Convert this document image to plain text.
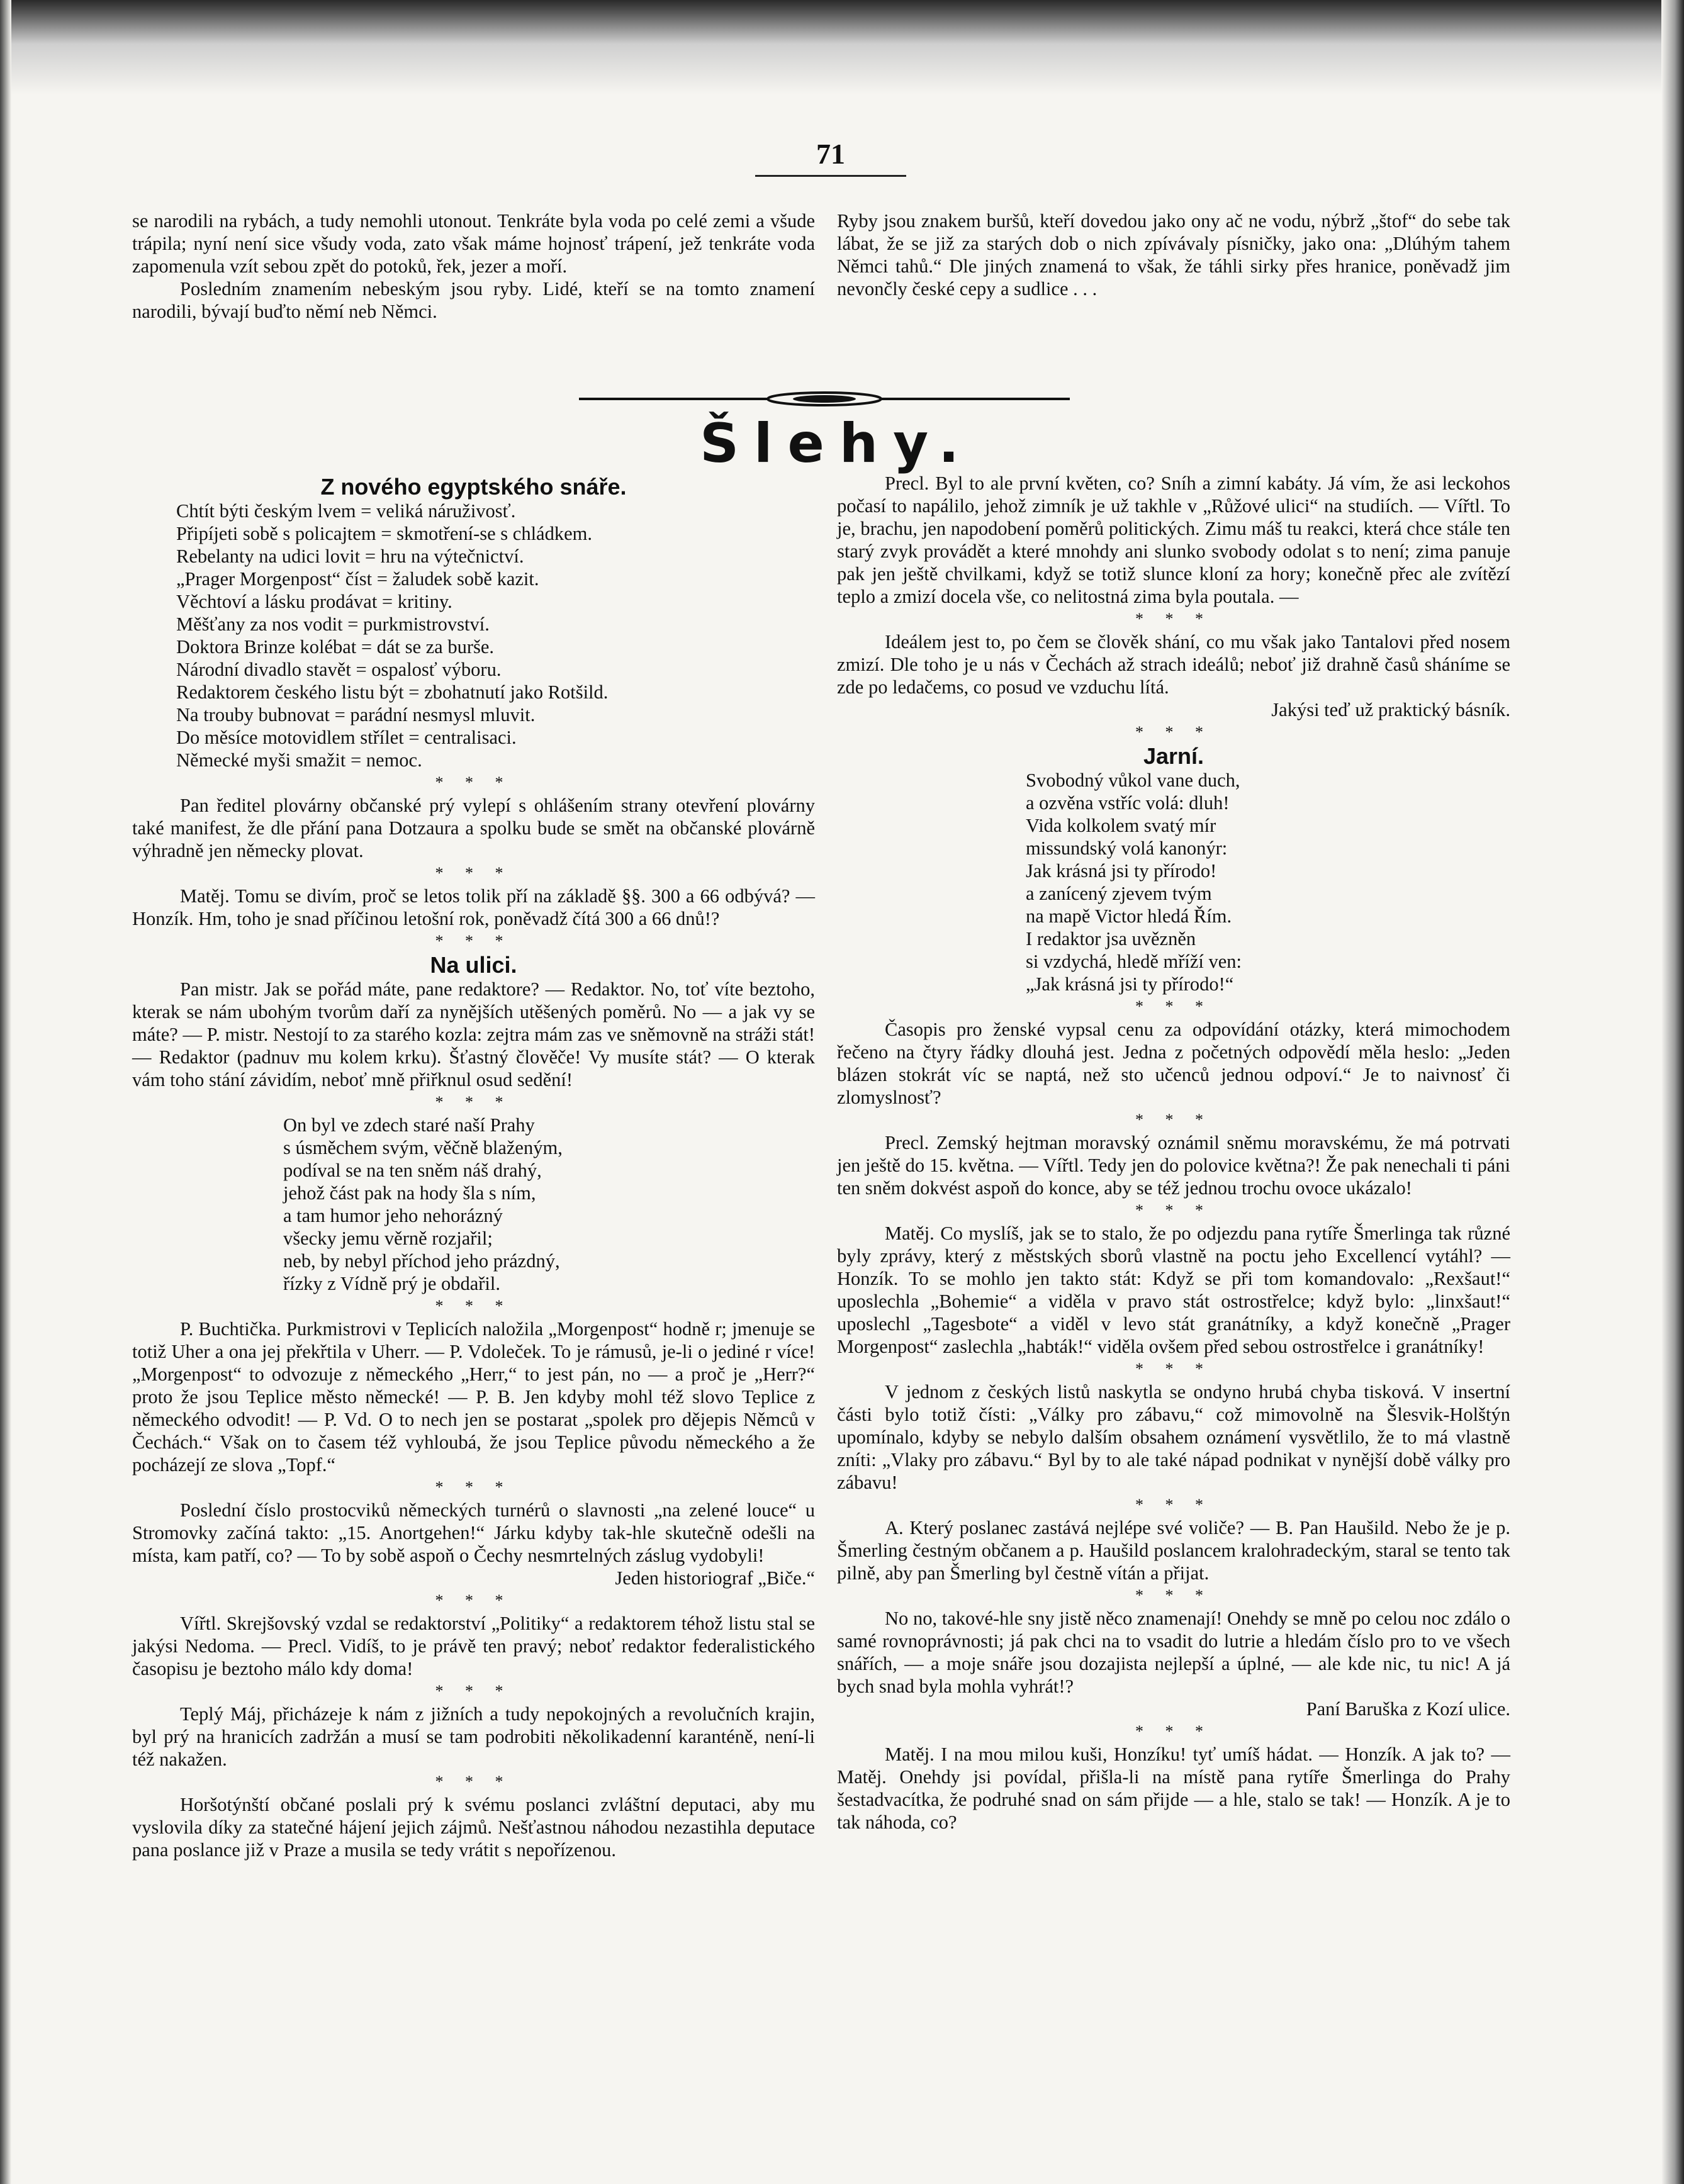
71

se narodili na rybách, a tudy nemohli utonout. Tenkráte byla voda po celé zemi a všude trápila; nyní není sice všudy voda, zato však máme hojnosť trápení, jež tenkráte voda zapomenula vzít sebou zpět do potoků, řek, jezer a moří.

Posledním znamením nebeským jsou ryby. Lidé, kteří se na tomto znamení narodili, bývají buďto němí neb Němci.

Ryby jsou znakem buršů, kteří dovedou jako ony ač ne vodu, nýbrž „štof“ do sebe tak lábat, že se již za starých dob o nich zpívávaly písničky, jako ona: „Dlúhým tahem Němci tahů.“ Dle jiných znamená to však, že táhli sirky přes hranice, poněvadž jim nevončly české cepy a sudlice . . .

Šlehy.
Z nového egyptského snáře.

Chtít býti českým lvem = veliká náruživosť.

Připíjeti sobě s policajtem = skmotření-se s chládkem.

Rebelanty na udici lovit = hru na výtečnictví.

„Prager Morgenpost“ číst = žaludek sobě kazit.

Věchtoví a lásku prodávat = kritiny.

Měšťany za nos vodit = purkmistrovství.

Doktora Brinze kolébat = dát se za burše.

Národní divadlo stavět = ospalosť výboru.

Redaktorem českého listu být = zbohatnutí jako Rotšild.

Na trouby bubnovat = parádní nesmysl mluvit.

Do měsíce motovidlem střílet = centralisaci.

Německé myši smažit = nemoc.

* * *

Pan ředitel plovárny občanské prý vylepí s ohlášením strany otevření plovárny také manifest, že dle přání pana Dotzaura a spolku bude se smět na občanské plovárně výhradně jen německy plovat.

* * *

Matěj. Tomu se divím, proč se letos tolik pří na základě §§. 300 a 66 odbývá? — Honzík. Hm, toho je snad příčinou letošní rok, poněvadž čítá 300 a 66 dnů!?

* * *
Na ulici.

Pan mistr. Jak se pořád máte, pane redaktore? — Redaktor. No, toť víte beztoho, kterak se nám ubohým tvorům daří za nynějších utěšených poměrů. No — a jak vy se máte? — P. mistr. Nestojí to za starého kozla: zejtra mám zas ve sněmovně na stráži stát! — Redaktor (padnuv mu kolem krku). Šťastný člověče! Vy musíte stát? — O kterak vám toho stání závidím, neboť mně přiřknul osud sedění!

* * *

On byl ve zdech staré naší Prahy

s úsměchem svým, věčně blaženým,

podíval se na ten sněm náš drahý,

jehož část pak na hody šla s ním,

a tam humor jeho nehorázný

všecky jemu věrně rozjařil;

neb, by nebyl příchod jeho prázdný,

řízky z Vídně prý je obdařil.

* * *

P. Buchtička. Purkmistrovi v Teplicích naložila „Morgenpost“ hodně r; jmenuje se totiž Uher a ona jej překřtila v Uherr. — P. Vdoleček. To je rámusů, je-li o jediné r více! „Morgenpost“ to odvozuje z německého „Herr,“ to jest pán, no — a proč je „Herr?“ proto že jsou Teplice město německé! — P. B. Jen kdyby mohl též slovo Teplice z německého odvodit! — P. Vd. O to nech jen se postarat „spolek pro dějepis Němců v Čechách.“ Však on to časem též vyhloubá, že jsou Teplice původu německého a že pocházejí ze slova „Topf.“

* * *

Poslední číslo prostocviků německých turnérů o slavnosti „na zelené louce“ u Stromovky začíná takto: „15. Anortgehen!“ Járku kdyby tak-hle skutečně odešli na místa, kam patří, co? — To by sobě aspoň o Čechy nesmrtelných záslug vydobyli!

Jeden historiograf „Biče.“

* * *

Vířtl. Skrejšovský vzdal se redaktorství „Politiky“ a redaktorem téhož listu stal se jakýsi Nedoma. — Precl. Vidíš, to je právě ten pravý; neboť redaktor federalistického časopisu je beztoho málo kdy doma!

* * *

Teplý Máj, přicházeje k nám z jižních a tudy nepokojných a revolučních krajin, byl prý na hranicích zadržán a musí se tam podrobiti několikadenní karanténě, není-li též nakažen.

* * *

Horšotýnští občané poslali prý k svému poslanci zvláštní deputaci, aby mu vyslovila díky za statečné hájení jejich zájmů. Nešťastnou náhodou nezastihla deputace pana poslance již v Praze a musila se tedy vrátit s nepořízenou.

Precl. Byl to ale první květen, co? Sníh a zimní kabáty. Já vím, že asi leckohos počasí to napálilo, jehož zimník je už takhle v „Růžové ulici“ na studiích. — Vířtl. To je, brachu, jen napodobení poměrů politických. Zimu máš tu reakci, která chce stále ten starý zvyk provádět a které mnohdy ani slunko svobody odolat s to není; zima panuje pak jen ještě chvilkami, když se totiž slunce kloní za hory; konečně přec ale zvítězí teplo a zmizí docela vše, co nelitostná zima byla poutala. —

* * *

Ideálem jest to, po čem se člověk shání, co mu však jako Tantalovi před nosem zmizí. Dle toho je u nás v Čechách až strach ideálů; neboť již drahně časů sháníme se zde po ledačems, co posud ve vzduchu lítá.

Jakýsi teď už praktický básník.

* * *
Jarní.

Svobodný vůkol vane duch,

a ozvěna vstříc volá: dluh!

Vida kolkolem svatý mír

missundský volá kanonýr:

Jak krásná jsi ty přírodo!

a zanícený zjevem tvým

na mapě Victor hledá Řím.

I redaktor jsa uvězněn

si vzdychá, hledě mříží ven:

„Jak krásná jsi ty přírodo!“

* * *

Časopis pro ženské vypsal cenu za odpovídání otázky, která mimochodem řečeno na čtyry řádky dlouhá jest. Jedna z početných odpovědí měla heslo: „Jeden blázen stokrát víc se naptá, než sto učenců jednou odpoví.“ Je to naivnosť či zlomyslnosť?

* * *

Precl. Zemský hejtman moravský oznámil sněmu moravskému, že má potrvati jen ještě do 15. května. — Vířtl. Tedy jen do polovice května?! Že pak nenechali ti páni ten sněm dokvést aspoň do konce, aby se též jednou trochu ovoce ukázalo!

* * *

Matěj. Co myslíš, jak se to stalo, že po odjezdu pana rytíře Šmerlinga tak různé byly zprávy, který z městských sborů vlastně na poctu jeho Excellencí vytáhl? — Honzík. To se mohlo jen takto stát: Když se při tom komandovalo: „Rexšaut!“ uposlechla „Bohemie“ a viděla v pravo stát ostrostřelce; když bylo: „linxšaut!“ uposlechl „Tagesbote“ a viděl v levo stát granátníky, a když konečně „Prager Morgenpost“ zaslechla „habták!“ viděla ovšem před sebou ostrostřelce i granátníky!

* * *

V jednom z českých listů naskytla se ondyno hrubá chyba tisková. V insertní části bylo totiž čísti: „Války pro zábavu,“ což mimovolně na Šlesvik-Holštýn upomínalo, kdyby se nebylo dalším obsahem oznámení vysvětlilo, že to má vlastně zníti: „Vlaky pro zábavu.“ Byl by to ale také nápad podnikat v nynější době války pro zábavu!

* * *

A. Který poslanec zastává nejlépe své voliče? — B. Pan Haušild. Nebo že je p. Šmerling čestným občanem a p. Haušild poslancem kralohradeckým, staral se tento tak pilně, aby pan Šmerling byl čestně vítán a přijat.

* * *

No no, takové-hle sny jistě něco znamenají! Onehdy se mně po celou noc zdálo o samé rovnoprávnosti; já pak chci na to vsadit do lutrie a hledám číslo pro to ve všech snářích, — a moje snáře jsou dozajista nejlepší a úplné, — ale kde nic, tu nic! A já bych snad byla mohla vyhrát!?

Paní Baruška z Kozí ulice.

* * *

Matěj. I na mou milou kuši, Honzíku! tyť umíš hádat. — Honzík. A jak to? — Matěj. Onehdy jsi povídal, přišla-li na místě pana rytíře Šmerlinga do Prahy šestadvacítka, že podruhé snad on sám přijde — a hle, stalo se tak! — Honzík. A je to tak náhoda, co?
